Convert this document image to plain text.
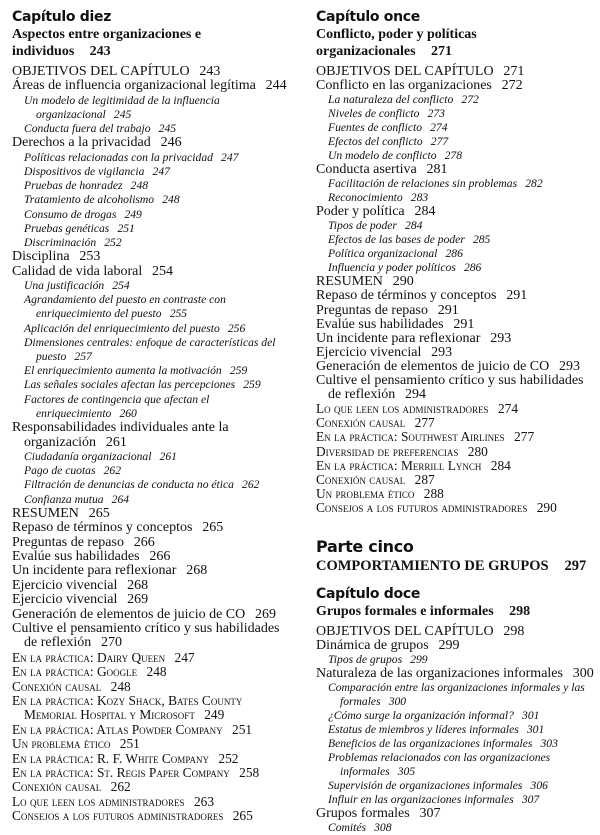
Capítulo diez
Aspectos entre organizaciones e individuos 243
OBJETIVOS DEL CAPÍTULO 243
Áreas de influencia organizacional legítima 244
Un modelo de legitimidad de la influencia organizacional 245
Conducta fuera del trabajo 245
Derechos a la privacidad 246
Políticas relacionadas con la privacidad 247
Dispositivos de vigilancia 247
Pruebas de honradez 248
Tratamiento de alcoholismo 248
Consumo de drogas 249
Pruebas genéticas 251
Discriminación 252
Disciplina 253
Calidad de vida laboral 254
Una justificación 254
Agrandamiento del puesto en contraste con enriquecimiento del puesto 255
Aplicación del enriquecimiento del puesto 256
Dimensiones centrales: enfoque de características del puesto 257
El enriquecimiento aumenta la motivación 259
Las señales sociales afectan las percepciones 259
Factores de contingencia que afectan el enriquecimiento 260
Responsabilidades individuales ante la organización 261
Ciudadanía organizacional 261
Pago de cuotas 262
Filtración de denuncias de conducta no ética 262
Confianza mutua 264
RESUMEN 265
Repaso de términos y conceptos 265
Preguntas de repaso 266
Evalúe sus habilidades 266
Un incidente para reflexionar 268
Ejercicio vivencial 268
Ejercicio vivencial 269
Generación de elementos de juicio de CO 269
Cultive el pensamiento crítico y sus habilidades de reflexión 270
En la práctica: Dairy Queen 247
En la práctica: Google 248
Conexión causal 248
En la práctica: Kozy Shack, Bates County Memorial Hospital y Microsoft 249
En la práctica: Atlas Powder Company 251
Un problema ético 251
En la práctica: R. F. White Company 252
En la práctica: St. Regis Paper Company 258
Conexión causal 262
Lo que leen los administradores 263
Consejos a los futuros administradores 265
Capítulo once
Conflicto, poder y políticas organizacionales 271
OBJETIVOS DEL CAPÍTULO 271
Conflicto en las organizaciones 272
La naturaleza del conflicto 272
Niveles de conflicto 273
Fuentes de conflicto 274
Efectos del conflicto 277
Un modelo de conflicto 278
Conducta asertiva 281
Facilitación de relaciones sin problemas 282
Reconocimiento 283
Poder y política 284
Tipos de poder 284
Efectos de las bases de poder 285
Política organizacional 286
Influencia y poder políticos 286
RESUMEN 290
Repaso de términos y conceptos 291
Preguntas de repaso 291
Evalúe sus habilidades 291
Un incidente para reflexionar 293
Ejercicio vivencial 293
Generación de elementos de juicio de CO 293
Cultive el pensamiento crítico y sus habilidades de reflexión 294
Lo que leen los administradores 274
Conexión causal 277
En la práctica: Southwest Airlines 277
Diversidad de preferencias 280
En la práctica: Merrill Lynch 284
Conexión causal 287
Un problema ético 288
Consejos a los futuros administradores 290
Parte cinco
COMPORTAMIENTO DE GRUPOS 297
Capítulo doce
Grupos formales e informales 298
OBJETIVOS DEL CAPÍTULO 298
Dinámica de grupos 299
Tipos de grupos 299
Naturaleza de las organizaciones informales 300
Comparación entre las organizaciones informales y las formales 300
¿Cómo surge la organización informal? 301
Estatus de miembros y líderes informales 301
Beneficios de las organizaciones informales 303
Problemas relacionados con las organizaciones informales 305
Supervisión de organizaciones informales 306
Influir en las organizaciones informales 307
Grupos formales 307
Comités 308
